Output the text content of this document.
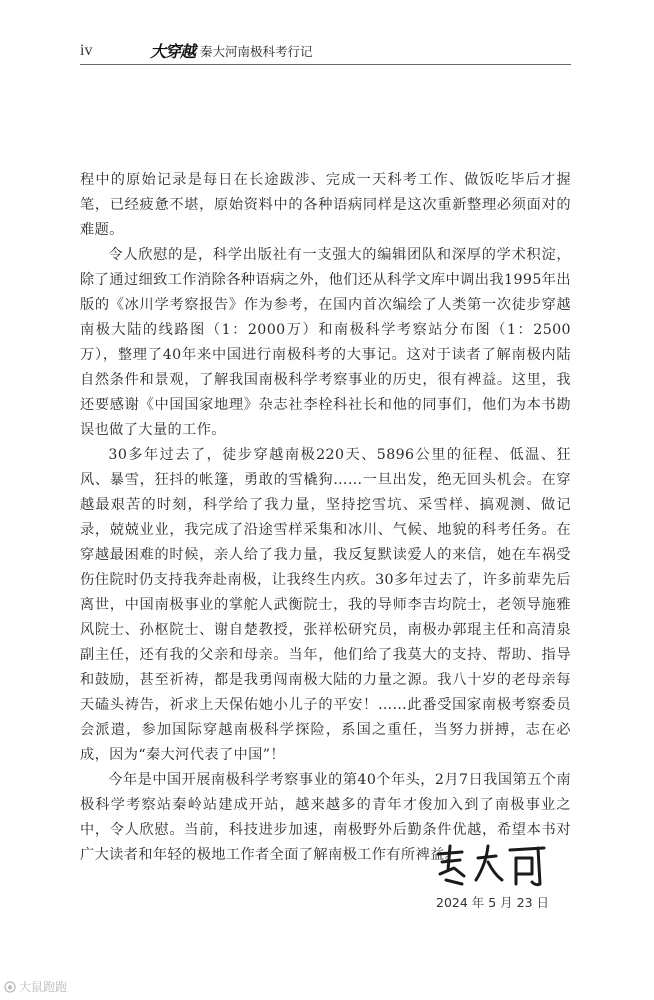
iv	大穿越 秦大河南极科考行记

程中的原始记录是每日在长途跋涉、完成一天科考工作、做饭吃毕后才握笔，已经疲惫不堪，原始资料中的各种语病同样是这次重新整理必须面对的难题。

令人欣慰的是，科学出版社有一支强大的编辑团队和深厚的学术积淀，除了通过细致工作消除各种语病之外，他们还从科学文库中调出我1995年出版的《冰川学考察报告》作为参考，在国内首次编绘了人类第一次徒步穿越南极大陆的线路图（1：2000万）和南极科学考察站分布图（1：2500万），整理了40年来中国进行南极科考的大事记。这对于读者了解南极内陆自然条件和景观，了解我国南极科学考察事业的历史，很有裨益。这里，我还要感谢《中国国家地理》杂志社李栓科社长和他的同事们，他们为本书勘误也做了大量的工作。

30多年过去了，徒步穿越南极220天、5896公里的征程、低温、狂风、暴雪，狂抖的帐篷，勇敢的雪橇狗……一旦出发，绝无回头机会。在穿越最艰苦的时刻，科学给了我力量，坚持挖雪坑、采雪样、搞观测、做记录，兢兢业业，我完成了沿途雪样采集和冰川、气候、地貌的科考任务。在穿越最困难的时候，亲人给了我力量，我反复默读爱人的来信，她在车祸受伤住院时仍支持我奔赴南极，让我终生内疚。30多年过去了，许多前辈先后离世，中国南极事业的掌舵人武衡院士，我的导师李吉均院士，老领导施雅风院士、孙枢院士、谢自楚教授，张祥松研究员，南极办郭琨主任和高清泉副主任，还有我的父亲和母亲。当年，他们给了我莫大的支持、帮助、指导和鼓励，甚至祈祷，都是我勇闯南极大陆的力量之源。我八十岁的老母亲每天磕头祷告，祈求上天保佑她小儿子的平安！……此番受国家南极考察委员会派遣，参加国际穿越南极科学探险，系国之重任，当努力拼搏，志在必成，因为“秦大河代表了中国”！

今年是中国开展南极科学考察事业的第40个年头，2月7日我国第五个南极科学考察站秦岭站建成开站，越来越多的青年才俊加入到了南极事业之中，令人欣慰。当前，科技进步加速，南极野外后勤条件优越，希望本书对广大读者和年轻的极地工作者全面了解南极工作有所裨益。

2024 年 5 月 23 日
大鼠跑跑
